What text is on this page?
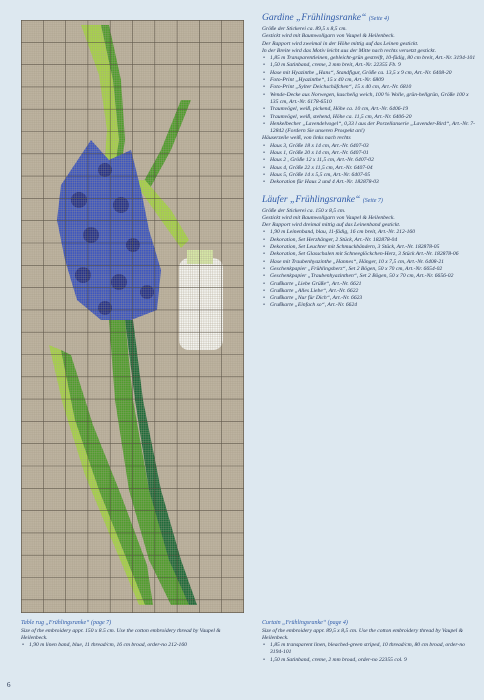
Gardine „Frühlingsranke“ (Seite 4)
Größe der Stickerei ca. 89,5 x 8,5 cm.
Gestickt wird mit Baumwollgarn von Vaupel & Heilenbeck.
Der Rapport wird zweimal in der Höhe mittig auf das Leinen gestickt.
In der Breite wird das Motiv leicht aus der Mitte nach rechts versetzt gestickt.
• 1,85 m Transparentleinen, gebleicht-grün gestreift, 10-fädig, 80 cm breit, Art.-Nr. 3194-101
• 1,50 m Satinband, creme, 2 mm breit, Art.-Nr. 22355 Fb. 9
• Hase mit Hyazinthe „Hans“, Standfigur, Größe ca. 13,5 x 9 cm, Art.-Nr. 6408-20
• Foto-Print „Hyazinthe“, 15 x 40 cm, Art.-Nr. 6809
• Foto-Print „Sylter Deichschäfchen“, 15 x 40 cm, Art.-Nr. 6810
• Wende-Decke aus Norwegen, kuschelig weich, 100 % Wolle, grün-hellgrün, Größe 100 x 135 cm, Art.-Nr. 6178-6510
• Traumvögel, weiß, pickend, Höhe ca. 10 cm, Art.-Nr. 6406-19
• Traumvögel, weiß, stehend, Höhe ca. 11,5 cm, Art.-Nr. 6406-20
• Henkelbecher „Lavendelvogel“, 0,33 l aus der Porzellanserie „Lavender-Bird“, Art.-Nr. 7-12842 (Fordern Sie unseren Prospekt an!)
Häuserzeile weiß, von links nach rechts
• Haus 3, Größe 18 x 14 cm, Art.-Nr. 6407-03
• Haus 1, Größe 20 x 14 cm, Art.-Nr. 6407-01
• Haus 2 , Größe 12 x 11,5 cm, Art.-Nr. 6407-02
• Haus 4, Größe 22 x 11,5 cm, Art.-Nr. 6407-04
• Haus 5, Größe 14 x 5,5 cm, Art.-Nr. 6407-05
• Dekoration für Haus 2 und 4 Art.-Nr. 182878-03
Läufer „Frühlingsranke“ (Seite 7)
Größe der Stickerei ca. 150 x 8,5 cm.
Gestickt wird mit Baumwollgarn von Vaupel & Heilenbeck.
Der Rapport wird dreimal mittig auf das Leinenband gestickt.
• 1,90 m Leinenband, blau, 11-fädig, 16 cm breit, Art.-Nr. 212-160
• Dekoration, Set Herzhänger, 2 Stück, Art.-Nr. 182878-04
• Dekoration, Set Leuchter mit Schmuckbändern, 3 Stück, Art.-Nr. 182878-05
• Dekoration, Set Glasschalen mit Schneeglöckchen-Herz, 3 Stück Art.-Nr. 182878-06
• Hase mit Traubenhyazinthe „Hannes“, Hänger, 10 x 7,5 cm, Art.-Nr. 6408-21
• Geschenkpapier „Frühlingsherz“, Set 2 Bögen, 50 x 70 cm, Art.-Nr. 6654-02
• Geschenkpapier „Traubenhyazinthen“, Set 2 Bögen, 50 x 70 cm, Art.-Nr. 6656-02
• Grußkarte „Liebe Grüße“, Art.-Nr. 6621
• Grußkarte „Alles Liebe“, Art.-Nr. 6622
• Grußkarte „Nur für Dich“, Art.-Nr. 6623
• Grußkarte „Einfach so“, Art.-Nr. 6624
Table rug „Frühlingsranke“ (page 7)
Size of the embroidery appr. 150 x 8.5 cm. Use the cotton embroidery thread by Vaupel & Heilenbeck.
• 1,90 m linen band, blue, 11 thread/cm, 16 cm broad, order-no 212-160
Curtain „Frühlingsranke“ (page 4)
Size of the embroidery appr. 89,5 x 8,5 cm. Use the cotton embroidery thread by Vaupel & Heilenbeck.
• 1,85 m transparent linen, bleached-green striped, 10 thread/cm, 80 cm broad, order-no 3194-101
• 1,50 m Satinband, creme, 2 mm broad, order-no 22355 col. 9
6
